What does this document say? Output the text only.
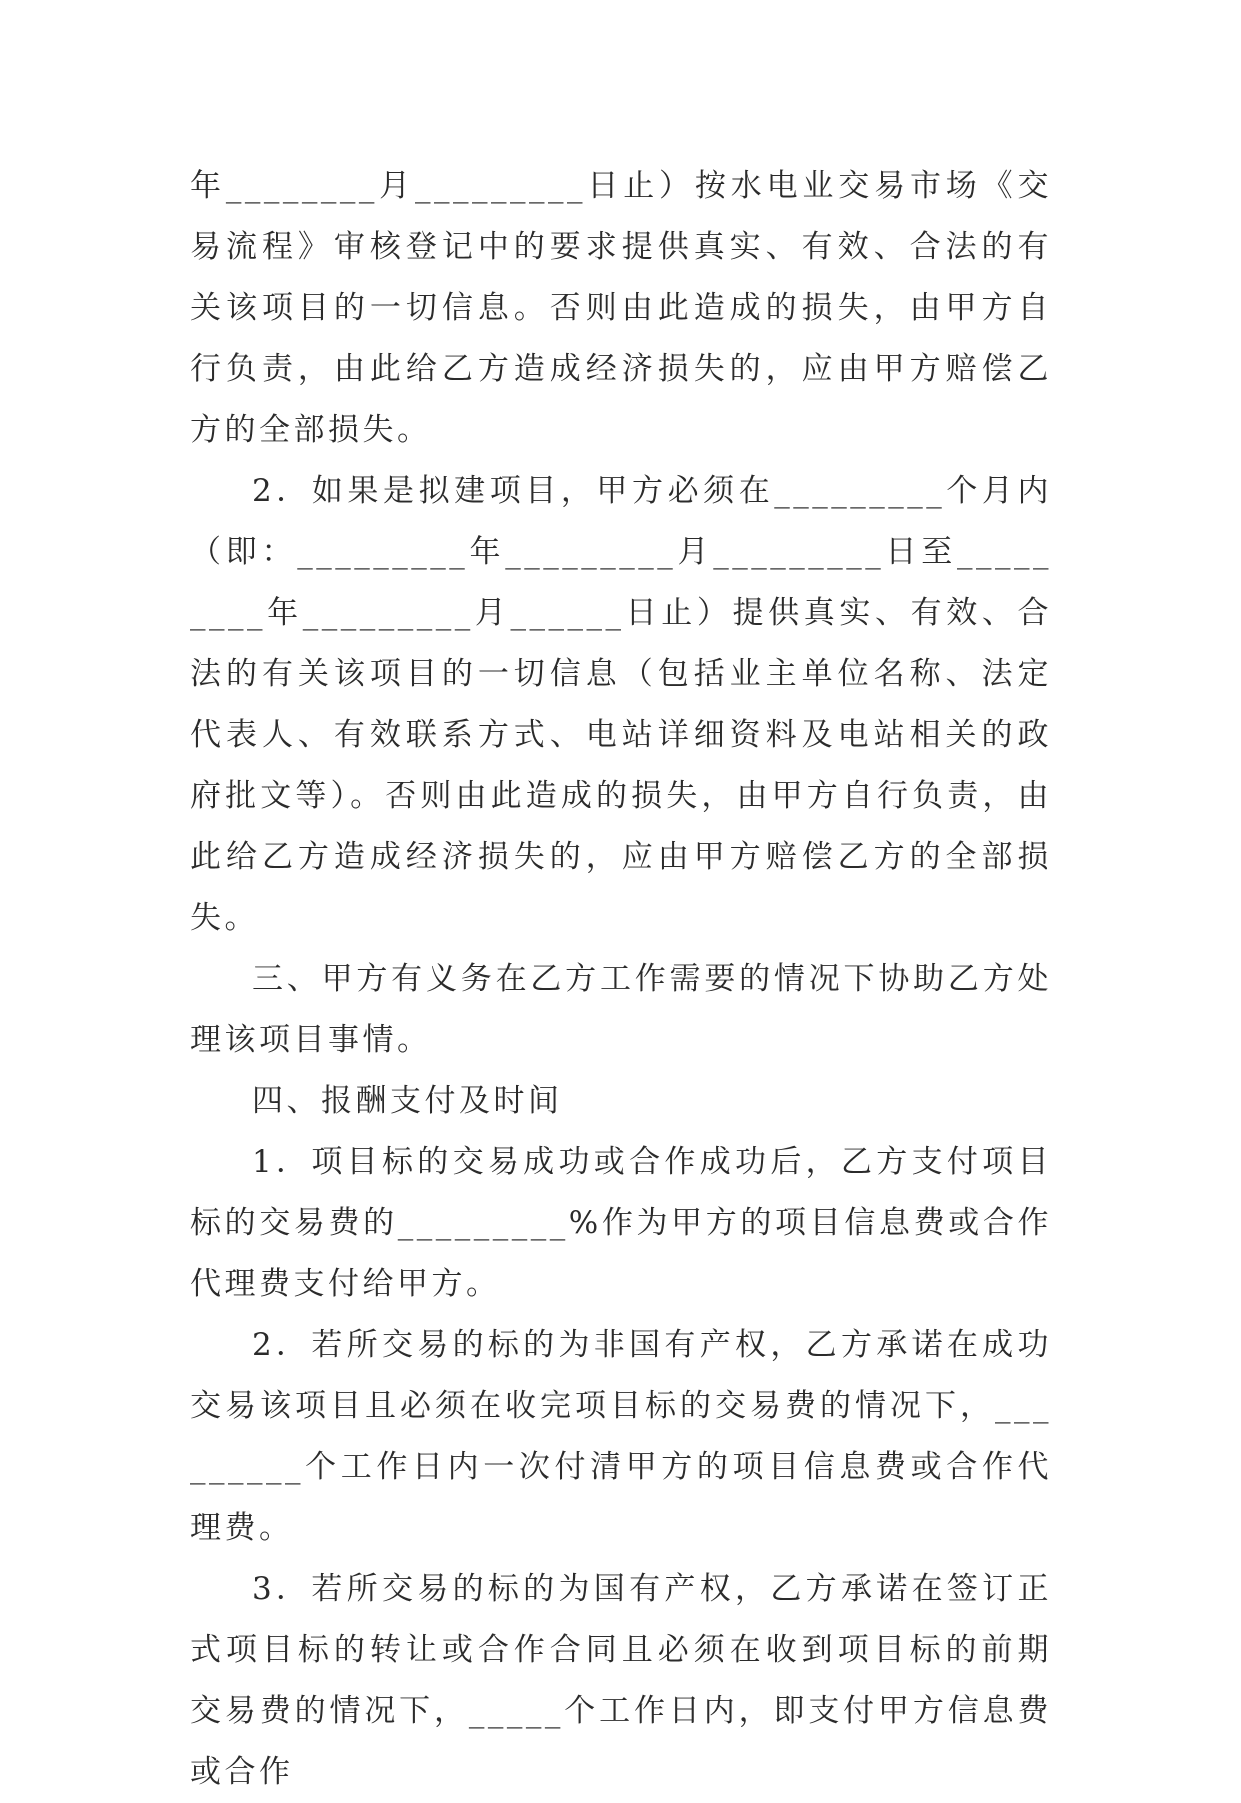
年________月_________日止）按水电业交易市场《交易流程》审核登记中的要求提供真实、有效、合法的有关该项目的一切信息。否则由此造成的损失，由甲方自行负责，由此给乙方造成经济损失的，应由甲方赔偿乙方的全部损失。

2．如果是拟建项目，甲方必须在_________个月内（即：_________年_________月_________日至_________年_________月______日止）提供真实、有效、合法的有关该项目的一切信息（包括业主单位名称、法定代表人、有效联系方式、电站详细资料及电站相关的政府批文等）。否则由此造成的损失，由甲方自行负责，由此给乙方造成经济损失的，应由甲方赔偿乙方的全部损失。

三、甲方有义务在乙方工作需要的情况下协助乙方处理该项目事情。

四、报酬支付及时间

1．项目标的交易成功或合作成功后，乙方支付项目标的交易费的_________%作为甲方的项目信息费或合作代理费支付给甲方。

2．若所交易的标的为非国有产权，乙方承诺在成功交易该项目且必须在收完项目标的交易费的情况下，_________个工作日内一次付清甲方的项目信息费或合作代理费。

3．若所交易的标的为国有产权，乙方承诺在签订正式项目标的转让或合作合同且必须在收到项目标的前期交易费的情况下，_____个工作日内，即支付甲方信息费或合作
